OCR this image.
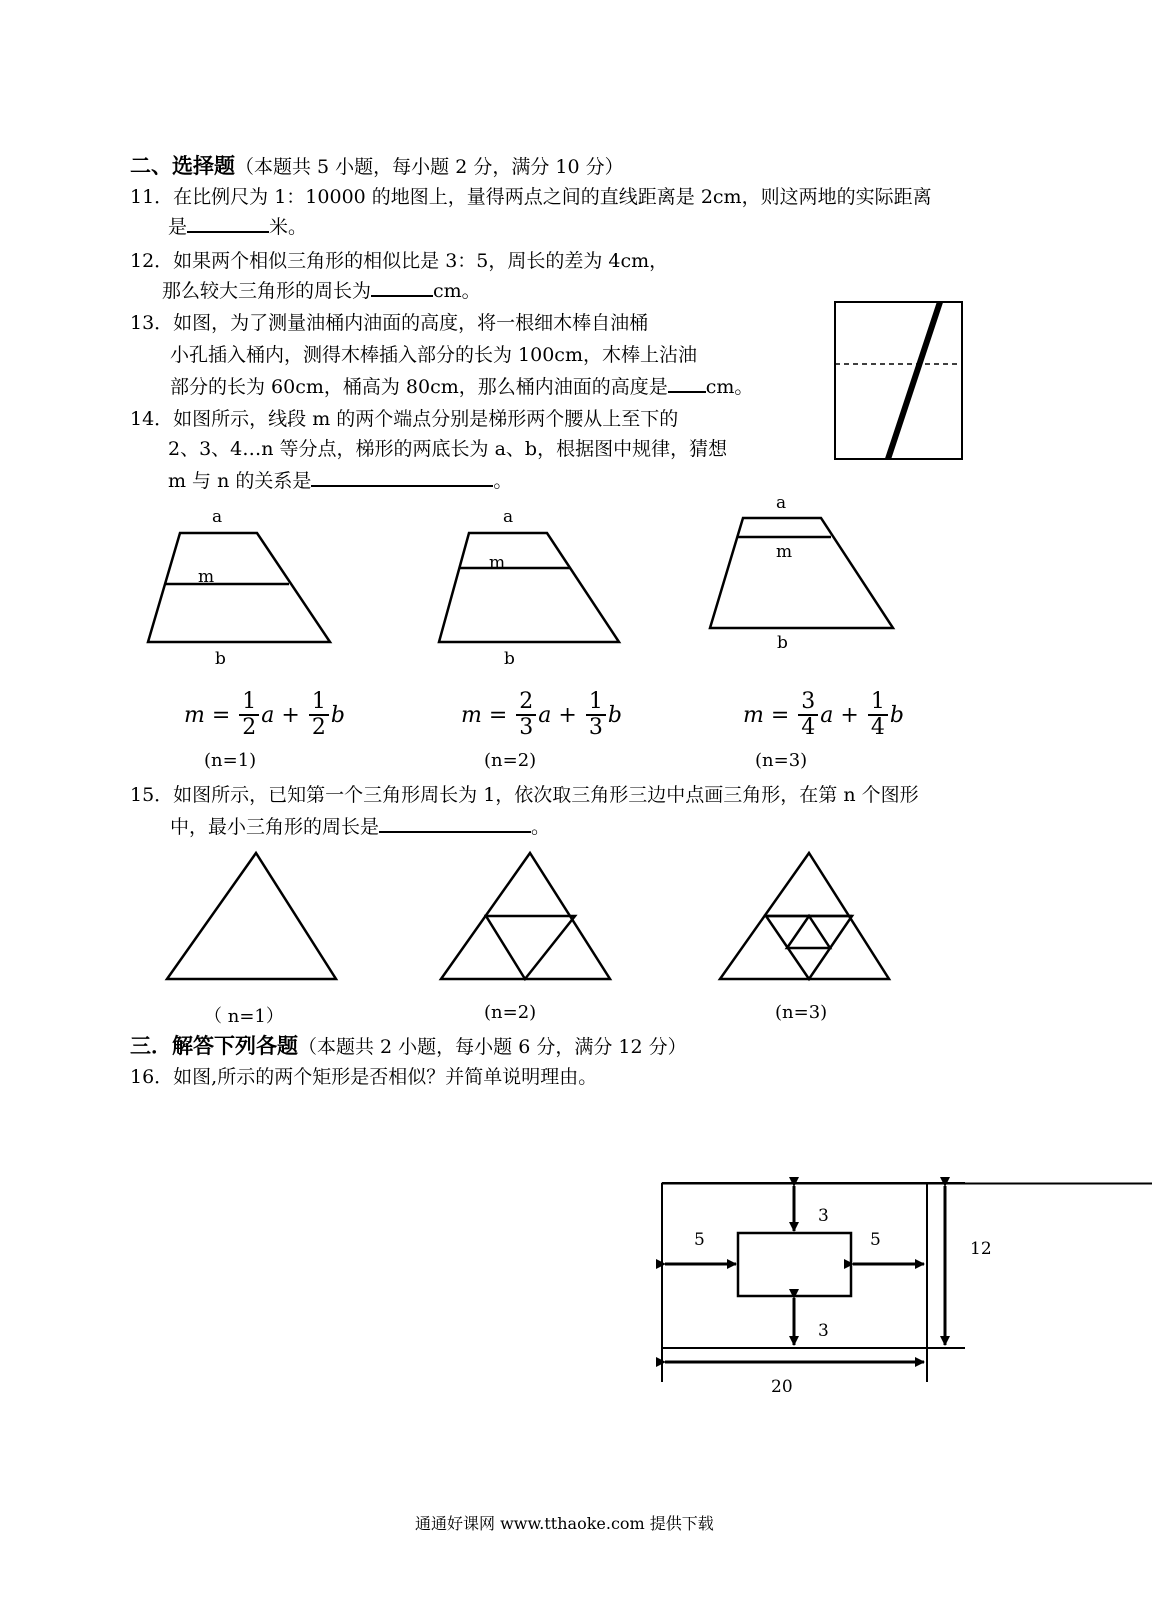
二、选择题（本题共 5 小题，每小题 2 分，满分 10 分）
11．在比例尺为 1：10000 的地图上，量得两点之间的直线距离是 2cm，则这两地的实际距离
是	米。
12．如果两个相似三角形的相似比是 3：5，周长的差为 4cm，
那么较大三角形的周长为	cm。
13．如图，为了测量油桶内油面的高度，将一根细木棒自油桶
小孔插入桶内，测得木棒插入部分的长为 100cm，木棒上沾油
部分的长为 60cm，桶高为 80cm，那么桶内油面的高度是 cm。
14．如图所示，线段 m 的两个端点分别是梯形两个腰从上至下的
2、3、4…n 等分点，梯形的两底长为 a、b，根据图中规律，猜想
m 与 n 的关系是	。
a
m
b
a
m
b
a
m
b
$m = \frac{1}{2}$ $a + \frac{1}{2}$ b
(n=1)
$m = \frac{2}{3}$ $a + \frac{1}{3}$ b
(n=2)
$m = \frac{3}{4}$ $a + \frac{1}{4}$ b
(n=3)
15．如图所示，已知第一个三角形周长为 1，依次取三角形三边中点画三角形，在第 n 个图形
中，最小三角形的周长是	。
（ n=1）	(n=2)	(n=3)
三．解答下列各题（本题共 2 小题，每小题 6 分，满分 12 分）
16．如图,所示的两个矩形是否相似？并简单说明理由。
3
3
5	5	12
20
通通好课网 www.tthaoke.com 提供下载
